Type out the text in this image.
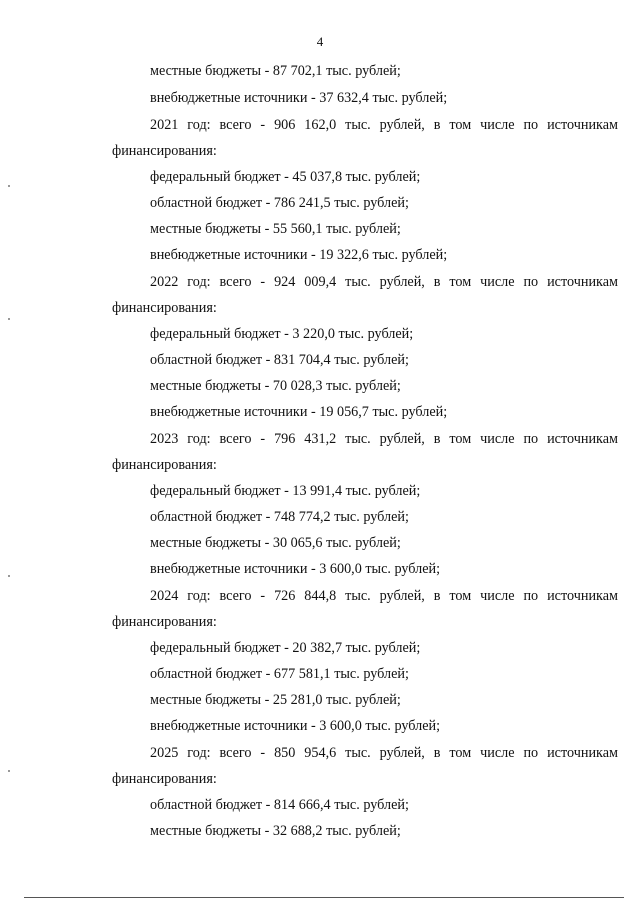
4
местные бюджеты - 87 702,1 тыс. рублей;
внебюджетные источники - 37 632,4 тыс. рублей;
2021 год: всего - 906 162,0 тыс. рублей, в том числе по источникам
финансирования:
федеральный бюджет - 45 037,8 тыс. рублей;
областной бюджет - 786 241,5 тыс. рублей;
местные бюджеты - 55 560,1 тыс. рублей;
внебюджетные источники - 19 322,6 тыс. рублей;
2022 год: всего - 924 009,4 тыс. рублей, в том числе по источникам
финансирования:
федеральный бюджет - 3 220,0 тыс. рублей;
областной бюджет - 831 704,4 тыс. рублей;
местные бюджеты - 70 028,3 тыс. рублей;
внебюджетные источники - 19 056,7 тыс. рублей;
2023 год: всего - 796 431,2 тыс. рублей, в том числе по источникам
финансирования:
федеральный бюджет - 13 991,4 тыс. рублей;
областной бюджет - 748 774,2 тыс. рублей;
местные бюджеты - 30 065,6 тыс. рублей;
внебюджетные источники - 3 600,0 тыс. рублей;
2024 год: всего - 726 844,8 тыс. рублей, в том числе по источникам
финансирования:
федеральный бюджет - 20 382,7 тыс. рублей;
областной бюджет - 677 581,1 тыс. рублей;
местные бюджеты - 25 281,0 тыс. рублей;
внебюджетные источники - 3 600,0 тыс. рублей;
2025 год: всего - 850 954,6 тыс. рублей, в том числе по источникам
финансирования:
областной бюджет - 814 666,4 тыс. рублей;
местные бюджеты - 32 688,2 тыс. рублей;
